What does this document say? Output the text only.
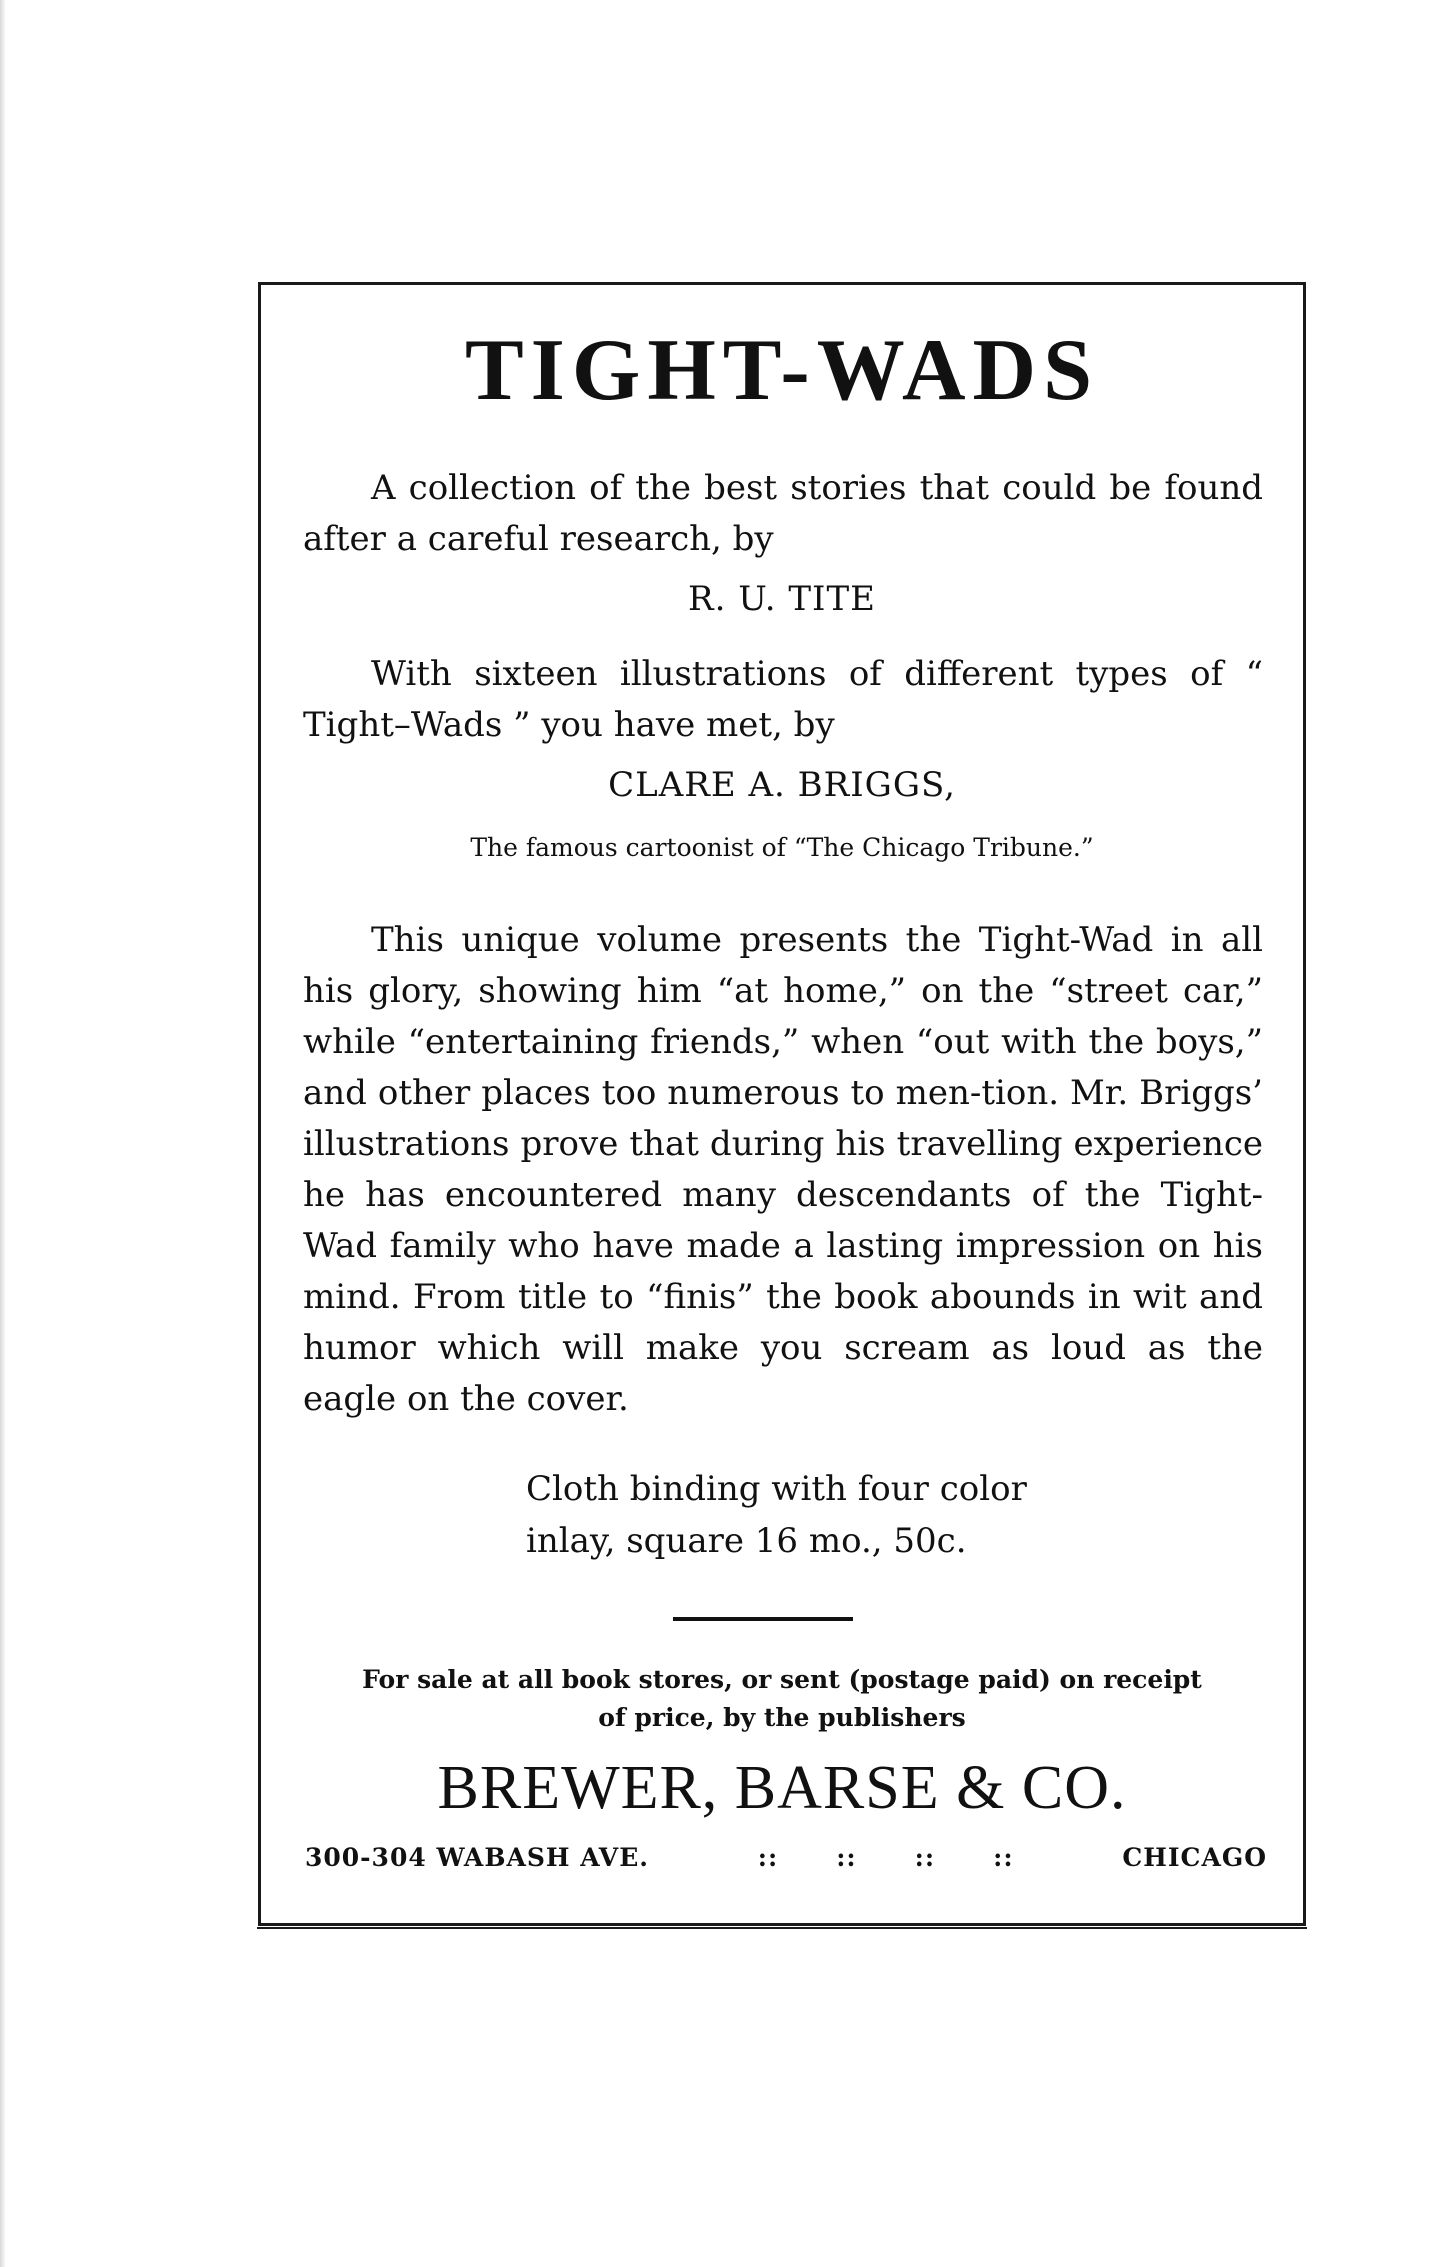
TIGHT-WADS

A collection of the best stories that could be found after a careful research, by

R. U. TITE

With sixteen illustrations of different types of “ Tight–Wads ” you have met, by

CLARE A. BRIGGS,

The famous cartoonist of “The Chicago Tribune.”

This unique volume presents the Tight-Wad in all his glory, showing him “at home,” on the “street car,” while “entertaining friends,” when “out with the boys,” and other places too numerous to men-tion. Mr. Briggs’ illustrations prove that during his travelling experience he has encountered many descendants of the Tight-Wad family who have made a lasting impression on his mind. From title to “finis” the book abounds in wit and humor which will make you scream as loud as the eagle on the cover.

Cloth binding with four color

inlay, square 16 mo., 50c.

For sale at all book stores, or sent (postage paid) on receipt
of price, by the publishers

BREWER, BARSE & CO.

300-304 WABASH AVE.	:: :: :: ::	CHICAGO
